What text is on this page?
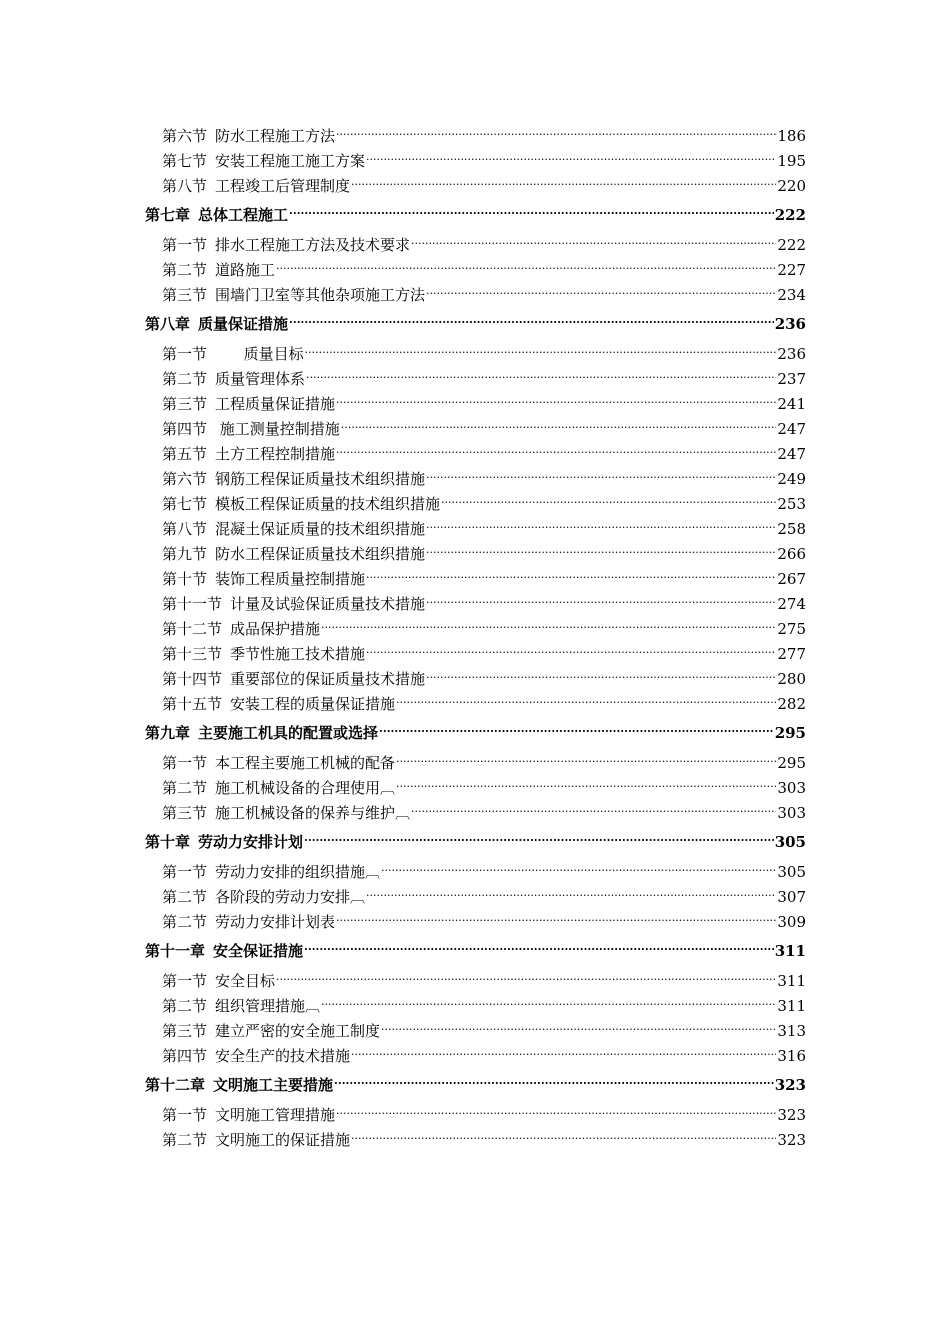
第六节 防水工程施工方法 .....	186
第七节 安装工程施工施工方案 .....	195
第八节 工程竣工后管理制度 .....	220
第七章 总体工程施工 .....	222
第一节 排水工程施工方法及技术要求 .....	222
第二节 道路施工 .....	227
第三节 围墙门卫室等其他杂项施工方法 .....	234
第八章 质量保证措施 .....	236
第一节 质量目标 .....	236
第二节 质量管理体系 .....	237
第三节 工程质量保证措施 .....	241
第四节 施工测量控制措施 .....	247
第五节 土方工程控制措施 .....	247
第六节 钢筋工程保证质量技术组织措施 .....	249
第七节 模板工程保证质量的技术组织措施 .....	253
第八节 混凝土保证质量的技术组织措施 .....	258
第九节 防水工程保证质量技术组织措施 .....	266
第十节 装饰工程质量控制措施 .....	267
第十一节 计量及试验保证质量技术措施 .....	274
第十二节 成品保护措施 .....	275
第十三节 季节性施工技术措施 .....	277
第十四节 重要部位的保证质量技术措施 .....	280
第十五节 安装工程的质量保证措施 .....	282
第九章 主要施工机具的配置或选择 .....	295
第一节 本工程主要施工机械的配备 .....	295
第二节 施工机械设备的合理使用︹ .....	303
第三节 施工机械设备的保养与维护︹ .....	303
第十章 劳动力安排计划 .....	305
第一节 劳动力安排的组织措施︹ .....	305
第二节 各阶段的劳动力安排︹ .....	307
第二节 劳动力安排计划表 .....	309
第十一章 安全保证措施 .....	311
第一节 安全目标 .....	311
第二节 组织管理措施︹ .....	311
第三节 建立严密的安全施工制度 .....	313
第四节 安全生产的技术措施 .....	316
第十二章 文明施工主要措施 .....	323
第一节 文明施工管理措施 .....	323
第二节 文明施工的保证措施 .....	323
